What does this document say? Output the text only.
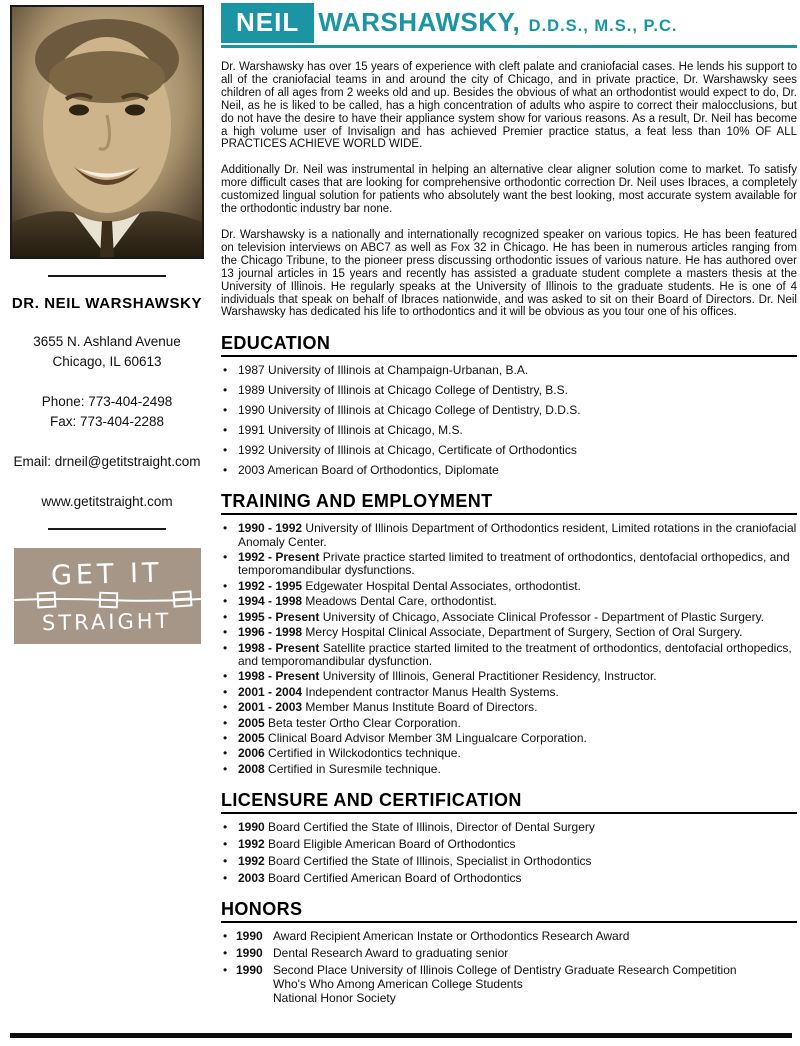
DR. NEIL WARSHAWSKY
3655 N. Ashland Avenue
Chicago, IL 60613
Phone: 773-404-2498
Fax: 773-404-2288
Email: drneil@getitstraight.com
www.getitstraight.com
GET IT
STRAIGHT
NEIL WARSHAWSKY, D.D.S., M.S., P.C.
Dr. Warshawsky has over 15 years of experience with cleft palate and craniofacial cases. He lends his support to all of the craniofacial teams in and around the city of Chicago, and in private practice, Dr. Warshawsky sees children of all ages from 2 weeks old and up. Besides the obvious of what an orthodontist would expect to do, Dr. Neil, as he is liked to be called, has a high concentration of adults who aspire to correct their malocclusions, but do not have the desire to have their appliance system show for various reasons. As a result, Dr. Neil has become a high volume user of Invisalign and has achieved Premier practice status, a feat less than 10% OF ALL PRACTICES ACHIEVE WORLD WIDE.
Additionally Dr. Neil was instrumental in helping an alternative clear aligner solution come to market. To satisfy more difficult cases that are looking for comprehensive orthodontic correction Dr. Neil uses Ibraces, a completely customized lingual solution for patients who absolutely want the best looking, most accurate system available for the orthodontic industry bar none.
Dr. Warshawsky is a nationally and internationally recognized speaker on various topics. He has been featured on television interviews on ABC7 as well as Fox 32 in Chicago. He has been in numerous articles ranging from the Chicago Tribune, to the pioneer press discussing orthodontic issues of various nature. He has authored over 13 journal articles in 15 years and recently has assisted a graduate student complete a masters thesis at the University of Illinois. He regularly speaks at the University of Illinois to the graduate students. He is one of 4 individuals that speak on behalf of Ibraces nationwide, and was asked to sit on their Board of Directors. Dr. Neil Warshawsky has dedicated his life to orthodontics and it will be obvious as you tour one of his offices.
EDUCATION
• 1987 University of Illinois at Champaign-Urbanan, B.A.
• 1989 University of Illinois at Chicago College of Dentistry, B.S.
• 1990 University of Illinois at Chicago College of Dentistry, D.D.S.
• 1991 University of Illinois at Chicago, M.S.
• 1992 University of Illinois at Chicago, Certificate of Orthodontics
• 2003 American Board of Orthodontics, Diplomate
TRAINING AND EMPLOYMENT
• 1990 - 1992 University of Illinois Department of Orthodontics resident, Limited rotations in the craniofacial Anomaly Center.
• 1992 - Present Private practice started limited to treatment of orthodontics, dentofacial orthopedics, and temporomandibular dysfunctions.
• 1992 - 1995 Edgewater Hospital Dental Associates, orthodontist.
• 1994 - 1998 Meadows Dental Care, orthodontist.
• 1995 - Present University of Chicago, Associate Clinical Professor - Department of Plastic Surgery.
• 1996 - 1998 Mercy Hospital Clinical Associate, Department of Surgery, Section of Oral Surgery.
• 1998 - Present Satellite practice started limited to the treatment of orthodontics, dentofacial orthopedics, and temporomandibular dysfunction.
• 1998 - Present University of Illinois, General Practitioner Residency, Instructor.
• 2001 - 2004 Independent contractor Manus Health Systems.
• 2001 - 2003 Member Manus Institute Board of Directors.
• 2005 Beta tester Ortho Clear Corporation.
• 2005 Clinical Board Advisor Member 3M Lingualcare Corporation.
• 2006 Certified in Wilckodontics technique.
• 2008 Certified in Suresmile technique.
LICENSURE AND CERTIFICATION
• 1990 Board Certified the State of Illinois, Director of Dental Surgery
• 1992 Board Eligible American Board of Orthodontics
• 1992 Board Certified the State of Illinois, Specialist in Orthodontics
• 2003 Board Certified American Board of Orthodontics
HONORS
• 1990 Award Recipient American Instate or Orthodontics Research Award
• 1990 Dental Research Award to graduating senior
• 1990 Second Place University of Illinois College of Dentistry Graduate Research Competition
Who's Who Among American College Students
National Honor Society
